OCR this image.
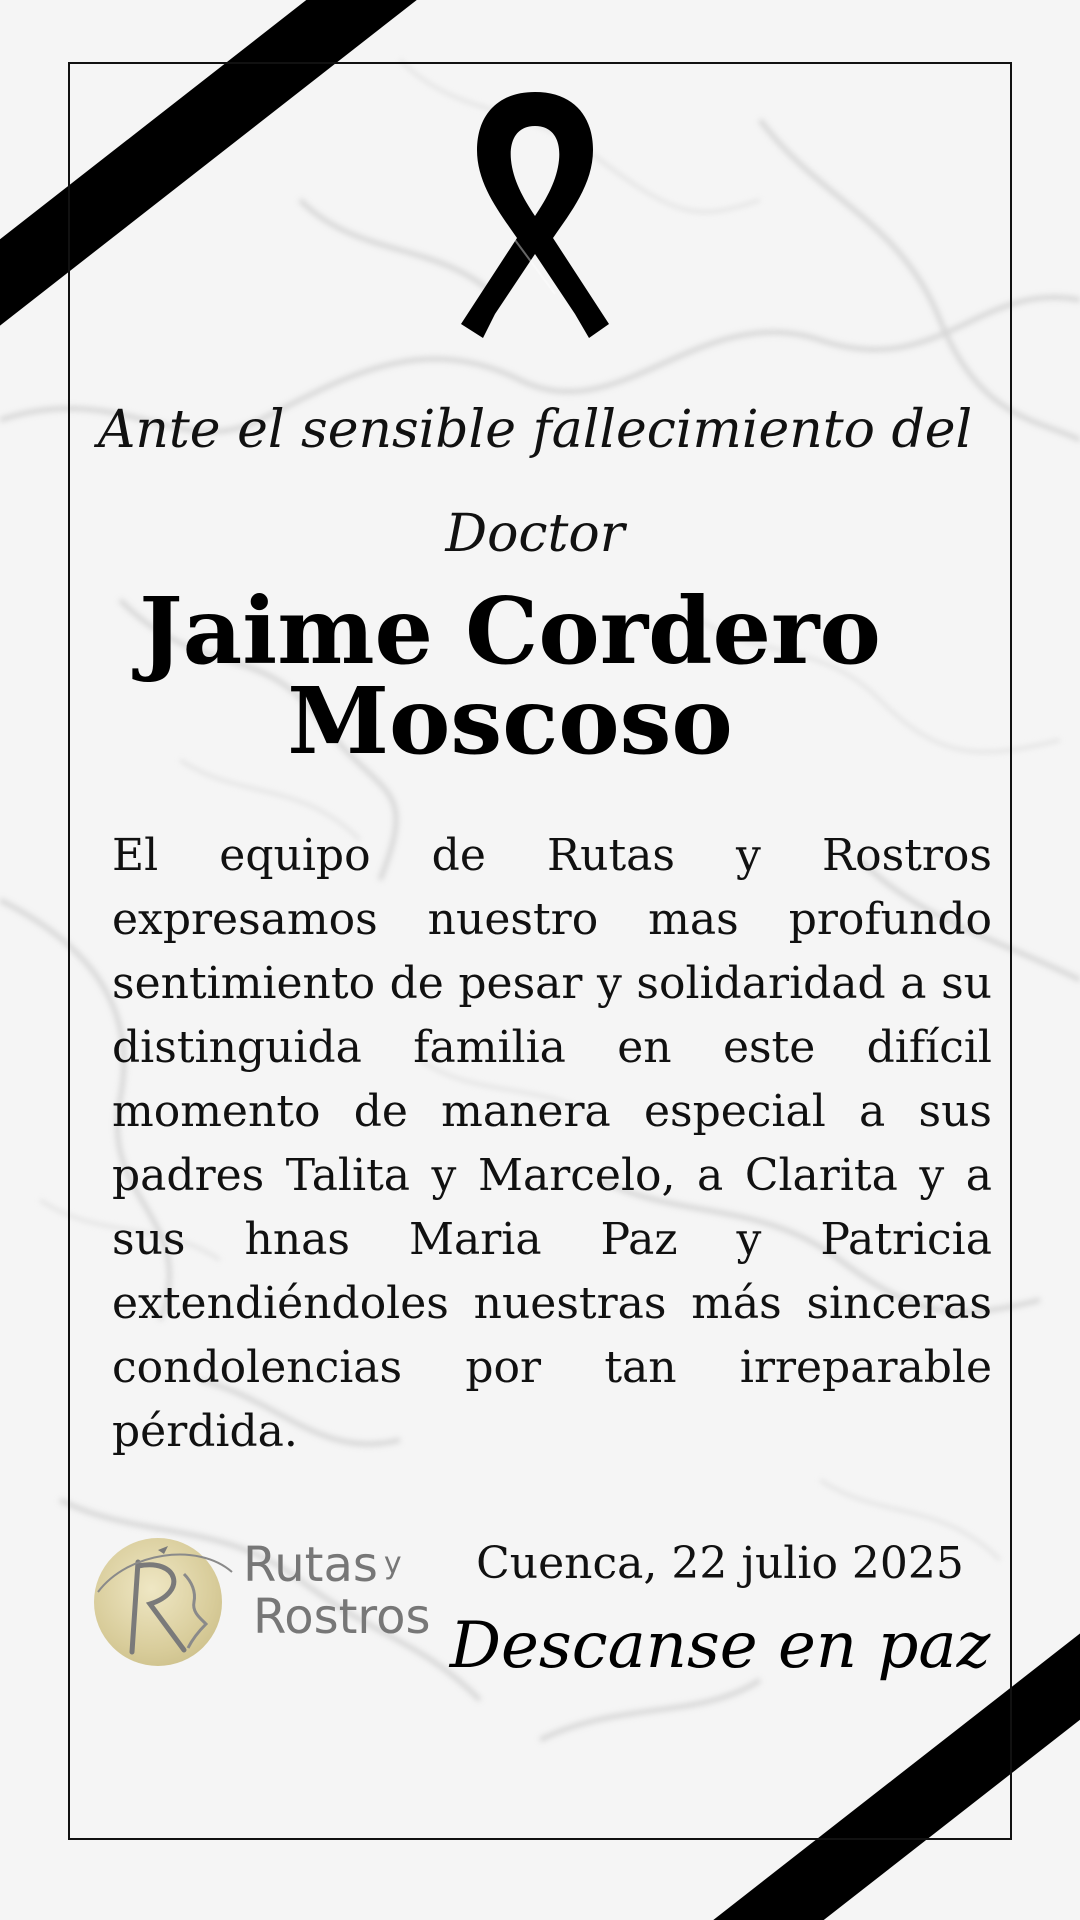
Ante el sensible fallecimiento del

Doctor

Jaime Cordero
Moscoso

El equipo de Rutas y Rostros expresamos nuestro mas profundo sentimiento de pesar y solidaridad a su distinguida familia en este difícil momento de manera especial a sus padres Talita y Marcelo, a Clarita y a sus hnas Maria Paz y Patricia extendiéndoles nuestras más sinceras condolencias por tan irreparable pérdida.

Rutas y
Rostros

Cuenca, 22 julio 2025

Descanse en paz
